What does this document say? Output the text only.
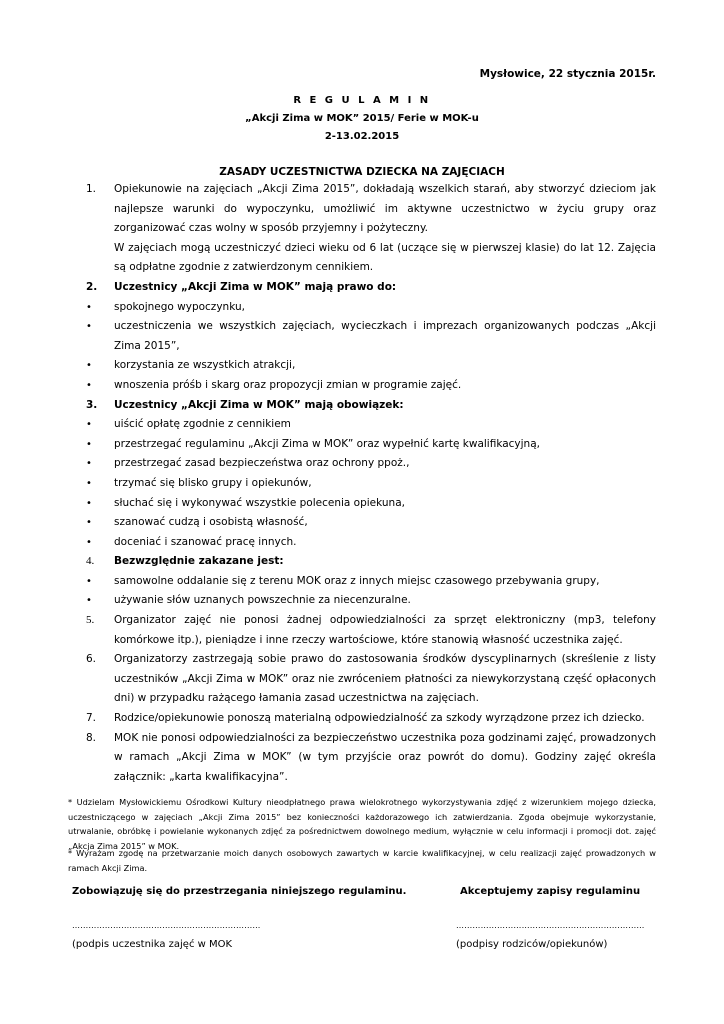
Mysłowice, 22 stycznia 2015r.
R E G U L A M I N
„Akcji Zima w MOK” 2015/ Ferie w MOK-u
2-13.02.2015
ZASADY UCZESTNICTWA DZIECKA NA ZAJĘCIACH
1.	Opiekunowie na zajęciach „Akcji Zima 2015”, dokładają wszelkich starań, aby stworzyć dzieciom jak najlepsze warunki do wypoczynku, umożliwić im aktywne uczestnictwo w życiu grupy oraz zorganizować czas wolny w sposób przyjemny i pożyteczny.
W zajęciach mogą uczestniczyć dzieci wieku od 6 lat (uczące się w pierwszej klasie) do lat 12. Zajęcia są odpłatne zgodnie z zatwierdzonym cennikiem.
2.	Uczestnicy „Akcji Zima w MOK” mają prawo do:
•	spokojnego wypoczynku,
•	uczestniczenia we wszystkich zajęciach, wycieczkach i imprezach organizowanych podczas „Akcji Zima 2015”,
•	korzystania ze wszystkich atrakcji,
•	wnoszenia próśb i skarg oraz propozycji zmian w programie zajęć.
3.	Uczestnicy „Akcji Zima w MOK” mają obowiązek:
•	uiścić opłatę zgodnie z cennikiem
•	przestrzegać regulaminu „Akcji Zima w MOK” oraz wypełnić kartę kwalifikacyjną,
•	przestrzegać zasad bezpieczeństwa oraz ochrony ppoż.,
•	trzymać się blisko grupy i opiekunów,
•	słuchać się i wykonywać wszystkie polecenia opiekuna,
•	szanować cudzą i osobistą własność,
•	doceniać i szanować pracę innych.
4.	Bezwzględnie zakazane jest:
•	samowolne oddalanie się z terenu MOK oraz z innych miejsc czasowego przebywania grupy,
•	używanie słów uznanych powszechnie za niecenzuralne.
5.	Organizator zajęć nie ponosi żadnej odpowiedzialności za sprzęt elektroniczny (mp3, telefony komórkowe itp.), pieniądze i inne rzeczy wartościowe, które stanowią własność uczestnika zajęć.
6.	Organizatorzy zastrzegają sobie prawo do zastosowania środków dyscyplinarnych (skreślenie z listy uczestników „Akcji Zima w MOK” oraz nie zwróceniem płatności za niewykorzystaną część opłaconych dni) w przypadku rażącego łamania zasad uczestnictwa na zajęciach.
7.	Rodzice/opiekunowie ponoszą materialną odpowiedzialność za szkody wyrządzone przez ich dziecko.
8.	MOK nie ponosi odpowiedzialności za bezpieczeństwo uczestnika poza godzinami zajęć, prowadzonych w ramach „Akcji Zima w MOK” (w tym przyjście oraz powrót do domu). Godziny zajęć określa załącznik: „karta kwalifikacyjna”.
* Udzielam Mysłowickiemu Ośrodkowi Kultury nieodpłatnego prawa wielokrotnego wykorzystywania zdjęć z wizerunkiem mojego dziecka, uczestniczącego w zajęciach „Akcji Zima 2015” bez konieczności każdorazowego ich zatwierdzania. Zgoda obejmuje wykorzystanie, utrwalanie, obróbkę i powielanie wykonanych zdjęć za pośrednictwem dowolnego medium, wyłącznie w celu informacji i promocji dot. zajęć „Akcja Zima 2015” w MOK.
* Wyrażam zgodę na przetwarzanie moich danych osobowych zawartych w karcie kwalifikacyjnej, w celu realizacji zajęć prowadzonych w ramach Akcji Zima.
Zobowiązuję się do przestrzegania niniejszego regulaminu.	Akceptujemy zapisy regulaminu
……………………………………………………………	……………………………………………………………
(podpis uczestnika zajęć w MOK	(podpisy rodziców/opiekunów)
